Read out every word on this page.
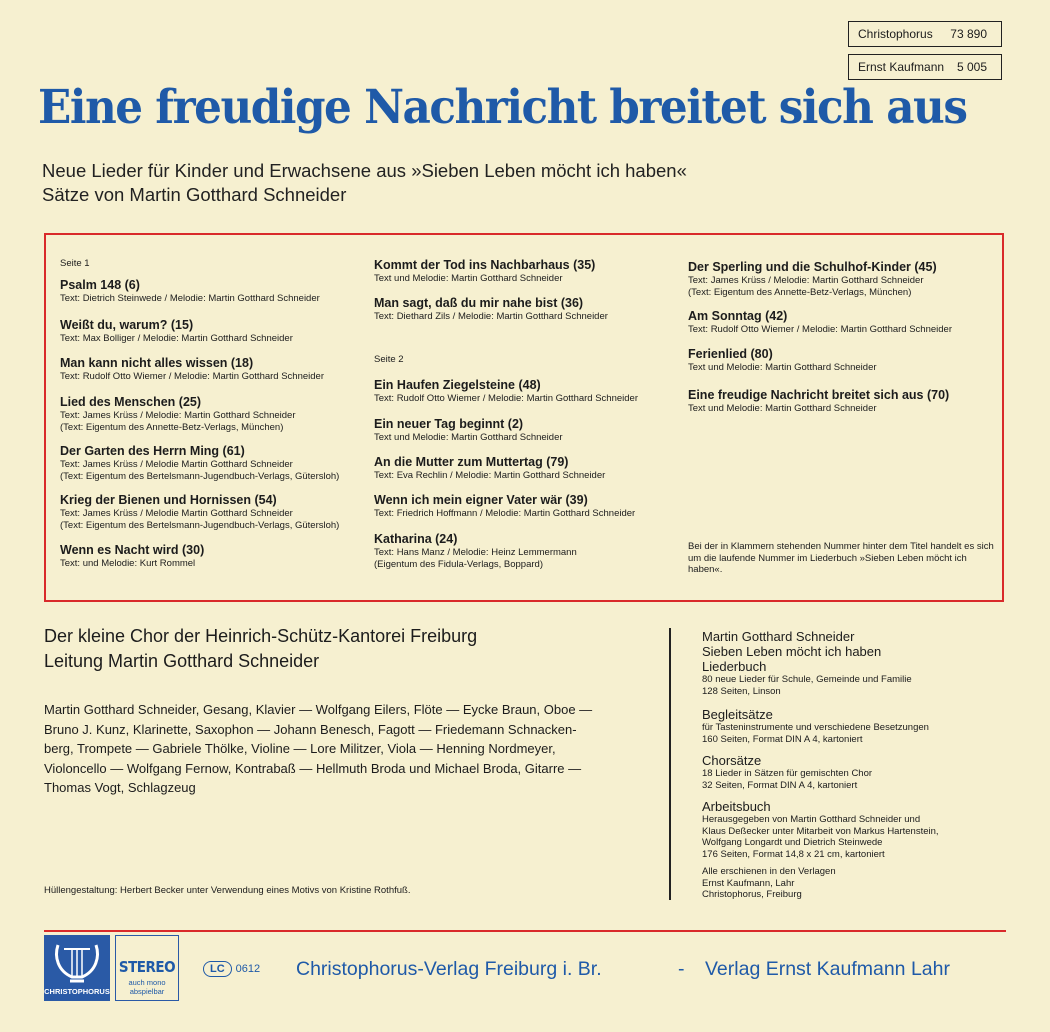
Christophorus 73 890
Ernst Kaufmann 5 005
Eine freudige Nachricht breitet sich aus
Neue Lieder für Kinder und Erwachsene aus »Sieben Leben möcht ich haben«
Sätze von Martin Gotthard Schneider
Seite 1
Seite 2
Psalm 148 (6)
Text: Dietrich Steinwede / Melodie: Martin Gotthard Schneider
Weißt du, warum? (15)
Text: Max Bolliger / Melodie: Martin Gotthard Schneider
Man kann nicht alles wissen (18)
Text: Rudolf Otto Wiemer / Melodie: Martin Gotthard Schneider
Lied des Menschen (25)
Text: James Krüss / Melodie: Martin Gotthard Schneider
(Text: Eigentum des Annette-Betz-Verlags, München)
Der Garten des Herrn Ming (61)
Text: James Krüss / Melodie Martin Gotthard Schneider
(Text: Eigentum des Bertelsmann-Jugendbuch-Verlags, Gütersloh)
Krieg der Bienen und Hornissen (54)
Text: James Krüss / Melodie Martin Gotthard Schneider
(Text: Eigentum des Bertelsmann-Jugendbuch-Verlags, Gütersloh)
Wenn es Nacht wird (30)
Text: und Melodie: Kurt Rommel
Kommt der Tod ins Nachbarhaus (35)
Text und Melodie: Martin Gotthard Schneider
Man sagt, daß du mir nahe bist (36)
Text: Diethard Zils / Melodie: Martin Gotthard Schneider
Ein Haufen Ziegelsteine (48)
Text: Rudolf Otto Wiemer / Melodie: Martin Gotthard Schneider
Ein neuer Tag beginnt (2)
Text und Melodie: Martin Gotthard Schneider
An die Mutter zum Muttertag (79)
Text: Eva Rechlin / Melodie: Martin Gotthard Schneider
Wenn ich mein eigner Vater wär (39)
Text: Friedrich Hoffmann / Melodie: Martin Gotthard Schneider
Katharina (24)
Text: Hans Manz / Melodie: Heinz Lemmermann
(Eigentum des Fidula-Verlags, Boppard)
Der Sperling und die Schulhof-Kinder (45)
Text: James Krüss / Melodie: Martin Gotthard Schneider
(Text: Eigentum des Annette-Betz-Verlags, München)
Am Sonntag (42)
Text: Rudolf Otto Wiemer / Melodie: Martin Gotthard Schneider
Ferienlied (80)
Text und Melodie: Martin Gotthard Schneider
Eine freudige Nachricht breitet sich aus (70)
Text und Melodie: Martin Gotthard Schneider
Bei der in Klammern stehenden Nummer hinter dem Titel handelt es sich um die laufende Nummer im Liederbuch »Sieben Leben möcht ich haben«.
Der kleine Chor der Heinrich-Schütz-Kantorei Freiburg
Leitung Martin Gotthard Schneider
Martin Gotthard Schneider, Gesang, Klavier — Wolfgang Eilers, Flöte — Eycke Braun, Oboe —
Bruno J. Kunz, Klarinette, Saxophon — Johann Benesch, Fagott — Friedemann Schnacken-
berg, Trompete — Gabriele Thölke, Violine — Lore Militzer, Viola — Henning Nordmeyer,
Violoncello — Wolfgang Fernow, Kontrabaß — Hellmuth Broda und Michael Broda, Gitarre —
Thomas Vogt, Schlagzeug
Martin Gotthard Schneider
Sieben Leben möcht ich haben
Liederbuch
80 neue Lieder für Schule, Gemeinde und Familie
128 Seiten, Linson
Begleitsätze
für Tasteninstrumente und verschiedene Besetzungen
160 Seiten, Format DIN A 4, kartoniert
Chorsätze
18 Lieder in Sätzen für gemischten Chor
32 Seiten, Format DIN A 4, kartoniert
Arbeitsbuch
Herausgegeben von Martin Gotthard Schneider und
Klaus Deßecker unter Mitarbeit von Markus Hartenstein,
Wolfgang Longardt und Dietrich Steinwede
176 Seiten, Format 14,8 x 21 cm, kartoniert
Alle erschienen in den Verlagen
Ernst Kaufmann, Lahr
Christophorus, Freiburg
Hüllengestaltung: Herbert Becker unter Verwendung eines Motivs von Kristine Rothfuß.
CHRISTOPHORUS
STEREO
auch mono
abspielbar
LC	0612 Christophorus-Verlag Freiburg i. Br.	- Verlag Ernst Kaufmann Lahr
